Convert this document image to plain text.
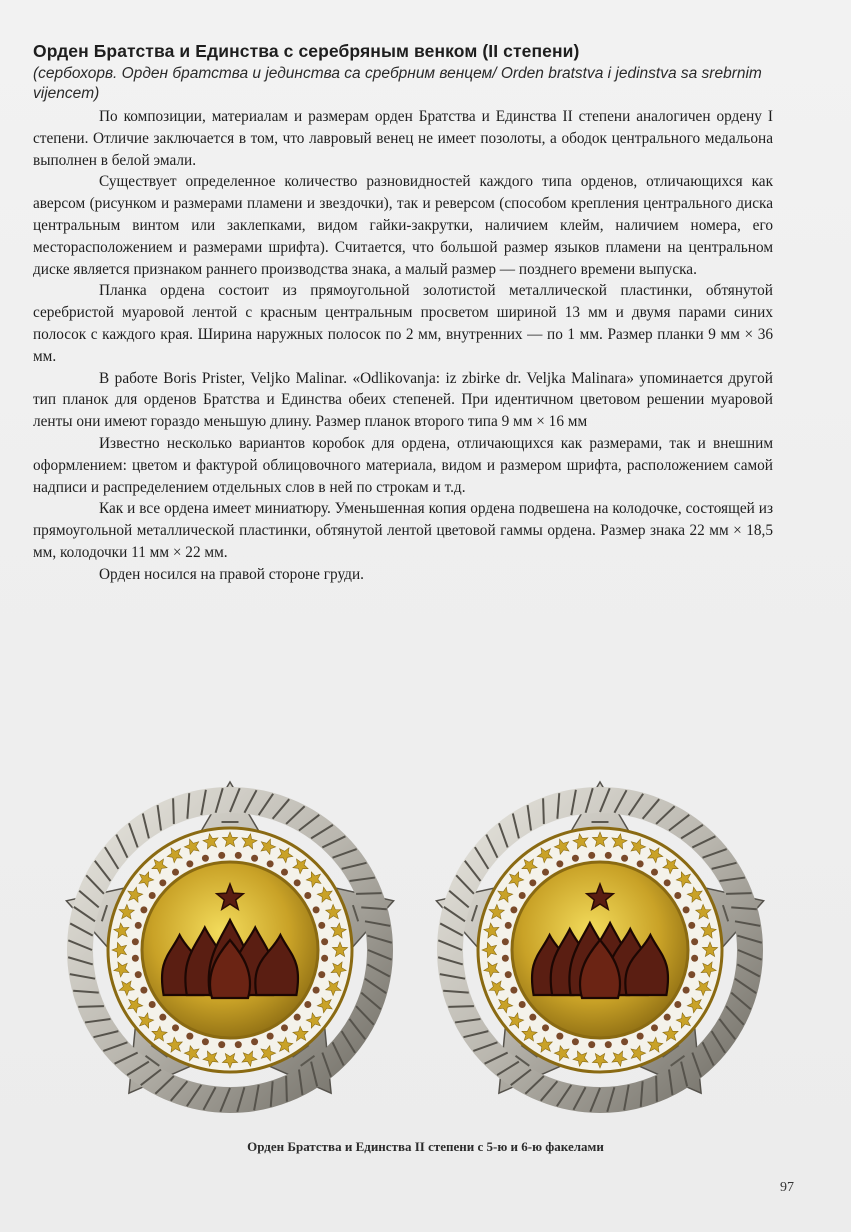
Орден Братства и Единства с серебряным венком (II степени)

(сербохорв. Орден братства и јединства са сребрним венцем/ Orden bratstva i jedinstva sa srebrnim vijencem)

По композиции, материалам и размерам орден Братства и Единства II степени аналогичен ордену I степени. Отличие заключается в том, что лавровый венец не имеет позолоты, а ободок центрального медальона выполнен в белой эмали.

Существует определенное количество разновидностей каждого типа орденов, отличающихся как аверсом (рисунком и размерами пламени и звездочки), так и реверсом (способом крепления центрального диска центральным винтом или заклепками, видом гайки-закрутки, наличием клейм, наличием номера, его месторасположением и размерами шрифта). Считается, что большой размер языков пламени на центральном диске является признаком раннего производства знака, а малый размер — позднего времени выпуска.

Планка ордена состоит из прямоугольной золотистой металлической пластинки, обтянутой серебристой муаровой лентой с красным центральным просветом шириной 13 мм и двумя парами синих полосок с каждого края. Ширина наружных полосок по 2 мм, внутренних — по 1 мм. Размер планки 9 мм × 36 мм.

В работе Boris Prister, Veljko Malinar. «Odlikovanja: iz zbirke dr. Veljka Malinara» упоминается другой тип планок для орденов Братства и Единства обеих степеней. При идентичном цветовом решении муаровой ленты они имеют гораздо меньшую длину. Размер планок второго типа 9 мм × 16 мм

Известно несколько вариантов коробок для ордена, отличающихся как размерами, так и внешним оформлением: цветом и фактурой облицовочного материала, видом и размером шрифта, расположением самой надписи и распределением отдельных слов в ней по строкам и т.д.

Как и все ордена имеет миниатюру. Уменьшенная копия ордена подвешена на колодочке, состоящей из прямоугольной металлической пластинки, обтянутой лентой цветовой гаммы ордена. Размер знака 22 мм × 18,5 мм, колодочки 11 мм × 22 мм.

Орден носился на правой стороне груди.

Орден Братства и Единства II степени с 5-ю и 6-ю факелами
97
